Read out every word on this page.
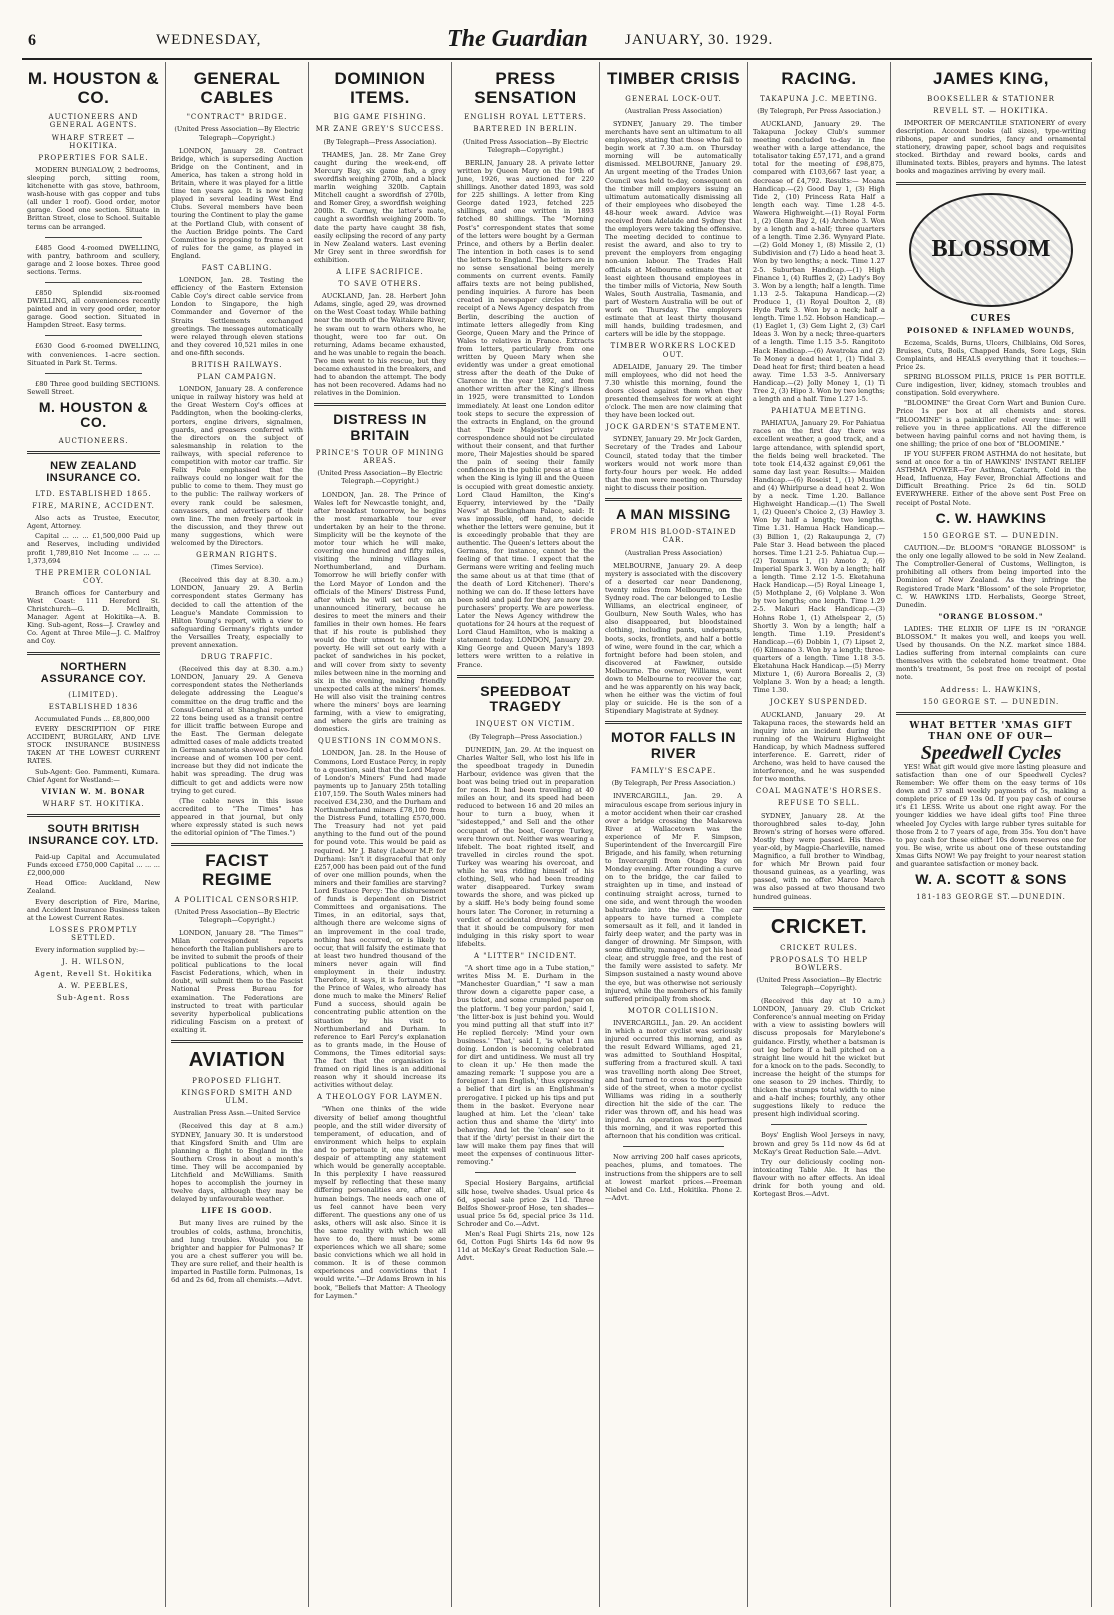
6	WEDNESDAY,	The Guardian JANUARY, 30. 1929.
M. HOUSTON & CO.
AUCTIONEERS AND GENERAL AGENTS.
WHARF STREET — HOKITIKA.
PROPERTIES FOR SALE.

MODERN BUNGALOW, 2 bedrooms, sleeping porch, sitting room, kitchenette with gas stove, bathroom, wash-house with gas copper and tubs (all under 1 roof). Good order, motor garage. Good one section. Situate in Brittan Street, close to School. Suitable terms can be arranged.

£485 Good 4-roomed DWELLING, with pantry, bathroom and scullery, garage and 2 loose boxes. Three good sections. Terms.

£850 Splendid six-roomed DWELLING, all conveniences recently painted and in very good order, motor garage. Good section. Situated in Hampden Street. Easy terms.

£630 Good 6-roomed DWELLING, with conveniences. 1-acre section. Situated in Park St. Terms.

£80 Three good building SECTIONS. Sewell Street.

M. HOUSTON & CO.
AUCTIONEERS.
NEW ZEALAND INSURANCE CO.
LTD. ESTABLISHED 1865.
FIRE, MARINE, ACCIDENT.

Also acts as Trustee, Executor, Agent, Attorney.

Capital ... ... ... £1,500,000 Paid up and Reserves, including undivided profit 1,789,810 Net Income ... ... ... 1,373,694

THE PREMIER COLONIAL COY.

Branch offices for Canterbury and West Coast: 111 Hereford St. Christchurch—G. D. McIlraith, Manager. Agent at Hokitika—A. B. King. Sub-agent, Ross—J. Crawley and Co. Agent at Three Mile—J. C. Malfroy and Coy.

NORTHERN ASSURANCE COY.
(LIMITED).
ESTABLISHED 1836

Accumulated Funds ... £8,800,000

EVERY DESCRIPTION OF FIRE ACCIDENT, BURGLARY, AND LIVE STOCK INSURANCE BUSINESS TAKEN AT THE LOWEST CURRENT RATES.

Sub-Agent: Geo. Pammenti, Kumara. Chief Agent for Westland:—

VIVIAN W. M. BONAR
WHARF ST. HOKITIKA.
SOUTH BRITISH INSURANCE COY. LTD.

Paid-up Capital and Accumulated Funds exceed £750,000 Capital ... ... ... £2,000,000

Head Office: Auckland, New Zealand.

Every description of Fire, Marine, and Accident Insurance Business taken at the Lowest Current Rates.

LOSSES PROMPTLY SETTLED.

Every information supplied by:—

J. H. WILSON,
Agent, Revell St. Hokitika
A. W. PEEBLES,
Sub-Agent. Ross
GENERAL CABLES
"CONTRACT" BRIDGE.
(United Press Association—By Electric Telegraph—Copyright.)

LONDON, January 28. Contract Bridge, which is superseding Auction Bridge on the Continent, and in America, has taken a strong hold in Britain, where it was played for a little time ten years ago. It is now being played in several leading West End Clubs. Several members have been touring the Continent to play the game at the Portland Club, with consent of the Auction Bridge points. The Card Committee is proposing to frame a set of rules for the game, as played in England.

FAST CABLING.

LONDON, Jan. 28. Testing the efficiency of the Eastern Extension Cable Coy's direct cable service from London to Singapore, the high Commander and Governor of the Straits Settlements exchanged greetings. The messages automatically were relayed through eleven stations and they covered 10,521 miles in one and one-fifth seconds.

BRITISH RAILWAYS.
PLAN CAMPAIGN.

LONDON, January 28. A conference unique in railway history was held at the Great Western Coy's offices at Paddington, when the booking-clerks, porters, engine drivers, signalmen, guards, and greasers conferred with the directors on the subject of salesmanship in relation to the railways, with special reference to competition with motor car traffic. Sir Felix Pole emphasised that the railways could no longer wait for the public to come to them. They must go to the public: The railway workers of every rank could be salesmen, canvassers, and advertisers of their own line. The men freely partook in the discussion, and they threw out many suggestions, which were welcomed by the Directors.

GERMAN RIGHTS.
(Times Service).

(Received this day at 8.30. a.m.) LONDON, January 29. A Berlin correspondent states Germany has decided to call the attention of the League's Mandate Commission to Hilton Young's report, with a view to safeguarding Germany's rights under the Versailles Treaty, especially to prevent annexation.

DRUG TRAFFIC.

(Received this day at 8.30. a.m.) LONDON, January 29. A Geneva correspondent states the Netherlands delegate addressing the League's committee on the drug traffic and the Consul-General at Shanghai reported 22 tons being used as a transit centre for illicit traffic between Europe and the East. The German delegate admitted cases of male addicts treated in German sanatoria showed a two-fold increase and of women 100 per cent. increase but they did not indicate the habit was spreading. The drug was difficult to get and addicts were now trying to get cured.

(The cable news in this issue accredited to "The Times" has appeared in that journal, but only where expressly stated is such news the editorial opinion of "The Times.")

FACIST REGIME
A POLITICAL CENSORSHIP.
(United Press Association—By Electric Telegraph—Copyright.)

LONDON, January 28. "The Times'" Milan correspondent reports henceforth the Italian publishers are to be invited to submit the proofs of their political publications to the local Fascist Federations, which, when in doubt, will submit them to the Fascist National Press Bureau for examination. The Federations are instructed to treat with particular severity hyperbolical publications ridiculing Fascism on a pretext of exalting it.

AVIATION
PROPOSED FLIGHT.
KINGSFORD SMITH AND ULM.
Australian Press Assn.—United Service

(Received this day at 8 a.m.) SYDNEY, January 30. It is understood that Kingsford Smith and Ulm are planning a flight to England in the Southern Cross in about a month's time. They will be accompanied by Litchfield and McWilliams. Smith hopes to accomplish the journey in twelve days, although they may be delayed by unfavourable weather.

LIFE IS GOOD.

But many lives are ruined by the troubles of colds, asthma, bronchitis, and lung troubles. Would you be brighter and happier for Pulmonas? If you are a chest sufferer you will be. They are sure relief, and their health is imparted in Pastille form. Pulmonas, 1s 6d and 2s 6d, from all chemists.—Advt.

DOMINION ITEMS.
BIG GAME FISHING.
MR ZANE GREY'S SUCCESS.
(By Telegraph—Press Association).

THAMES, Jan. 28. Mr Zane Grey caught during the week-end, off Mercury Bay, six game fish, a grey swordfish weighing 270lb, and a black marlin weighing 320lb. Captain Mitchell caught a swordfish of 270lb, and Romer Grey, a swordfish weighing 200lb. R. Carney, the latter's mate, caught a swordfish weighing 200lb. To date the party have caught 38 fish, easily eclipsing the record of any party in New Zealand waters. Last evening Mr Grey sent in three swordfish for exhibition.

A LIFE SACRIFICE.
TO SAVE OTHERS.

AUCKLAND, Jan. 28. Herbert John Adams, single, aged 29, was drowned on the West Coast today. While bathing near the mouth of the Waitakere River, he swam out to warn others who, he thought, were too far out. On returning, Adams became exhausted, and he was unable to regain the beach. Two men went to his rescue, but they became exhausted in the breakers, and had to abandon the attempt. The body has not been recovered. Adams had no relatives in the Dominion.

DISTRESS IN BRITAIN
PRINCE'S TOUR OF MINING AREAS.
(United Press Association—By Electric Telegraph.—Copyright.)

LONDON, Jan. 28. The Prince of Wales left for Newcastle tonight, and, after breakfast tomorrow, he begins the most remarkable tour ever undertaken by an heir to the throne. Simplicity will be the keynote of the motor tour which he will make, covering one hundred and fifty miles, visiting the mining villages in Northumberland, and Durham. Tomorrow he will briefly confer with the Lord Mayor of London and the officials of the Miners' Distress Fund, after which he will set out on an unannounced itinerary, because he desires to meet the miners and their families in their own homes. He fears that if his route is published they would do their utmost to hide their poverty. He will set out early with a packet of sandwiches in his pocket, and will cover from sixty to seventy miles between nine in the morning and six in the evening, making friendly unexpected calls at the miners' homes. He will also visit the training centres where the miners' boys are learning farming, with a view to emigrating, and where the girls are training as domestics.

QUESTIONS IN COMMONS.

LONDON, Jan. 28. In the House of Commons, Lord Eustace Percy, in reply to a question, said that the Lord Mayor of London's Miners' Fund had made payments up to January 25th totalling £107,159. The South Wales miners had received £34,230, and the Durham and Northumberland miners £78,100 from the Distress Fund, totalling £570,000. The Treasury had not yet paid anything to the fund out of the pound for pound vote. This would be paid as required. Mr J. Batey (Labour M.P. for Durham): Isn't it disgraceful that only £257,000 has been paid out of the fund of over one million pounds, when the miners and their families are starving? Lord Eustace Percy: The disbursement of funds is dependent on District Committees and organisations. The Times, in an editorial, says that, although there are welcome signs of an improvement in the coal trade, nothing has occurred, or is likely to occur, that will falsify the estimate that at least two hundred thousand of the miners never again will find employment in their industry. Therefore, it says, it is fortunate that the Prince of Wales, who already has done much to make the Miners' Relief Fund a success, should again be concentrating public attention on the situation by his visit to Northumberland and Durham. In reference to Earl Percy's explanation as to grants made, in the House of Commons, the Times editorial says: The fact that the organisation is framed on rigid lines is an additional reason why it should increase its activities without delay.

A THEOLOGY FOR LAYMEN.

"When one thinks of the wide diversity of belief among thoughtful people, and the still wider diversity of temperament, of education, and of environment which helps to explain and to perpetuate it, one might well despair of attempting any statement which would be generally acceptable. In this perplexity I have reassured myself by reflecting that these many differing personalities are, after all, human beings. The needs each one of us feel cannot have been very different. The questions any one of us asks, others will ask also. Since it is the same reality with which we all have to do, there must be some experiences which we all share; some basic convictions which we all hold in common. It is of these common experiences and convictions that I would write."—Dr Adams Brown in his book, "Beliefs that Matter: A Theology for Laymen."

PRESS SENSATION
ENGLISH ROYAL LETTERS.
BARTERED IN BERLIN.
(United Press Association—By Electric Telegraph—Copyright.)

BERLIN, January 28. A private letter written by Queen Mary on the 19th of June, 1926, was auctioned for 220 shillings. Another dated 1893, was sold for 225 shillings. A letter from King George dated 1923, fetched 225 shillings, and one written in 1893 fetched 80 shillings. The "Morning Post's" correspondent states that some of the letters were bought by a German Prince, and others by a Berlin dealer. The intention in both cases is to send the letters to England. The letters are in no sense sensational being merely comments on current events. Family affairs texts are not being published, pending inquiries. A furore has been created in newspaper circles by the receipt of a News Agency despatch from Berlin, describing the auction of intimate letters allegedly from King George, Queen Mary and the Prince of Wales to relatives in France. Extracts from letters, particularly from one written by Queen Mary when she evidently was under a great emotional stress after the death of the Duke of Clarence in the year 1892, and from another written after the King's illness in 1925, were transmitted to London immediately. At least one London editor took steps to secure the expression of the extracts in England, on the ground that Their Majesties' private correspondence should not be circulated without their consent, and that further more, Their Majesties should be spared the pain of seeing their family confidences in the public press at a time when the King is lying ill and the Queen is occupied with great domestic anxiety. Lord Claud Hamilton, the King's Equerry, interviewed by the "Daily News" at Buckingham Palace, said: It was impossible, off hand, to decide whether the letters were genuine, but it is exceedingly probable that they are authentic. The Queen's letters about the Germans, for instance, cannot be the feeling of that time. I expect that the Germans were writing and feeling much the same about us at that time (that of the death of Lord Kitchener). There's nothing we can do. If these letters have been sold and paid for they are now the purchasers' property. We are powerless. Later the News Agency withdrew the quotations for 24 hours at the request of Lord Claud Hamilton, who is making a statement today. LONDON, January 29. King George and Queen Mary's 1893 letters were written to a relative in France.

SPEEDBOAT TRAGEDY
INQUEST ON VICTIM.
(By Telegraph—Press Association.)

DUNEDIN, Jan. 29. At the inquest on Charles Walter Sell, who lost his life in the speedboat tragedy in Dunedin Harbour, evidence was given that the boat was being tried out in preparation for races. It had been travelling at 40 miles an hour, and its speed had been reduced to between 16 and 20 miles an hour to turn a buoy, when it "sidestepped," and Sell and the other occupant of the boat, George Turkey, were thrown out. Neither was wearing a lifebelt. The boat righted itself, and travelled in circles round the spot. Turkey was wearing his overcoat, and while he was ridding himself of his clothing, Sell, who had been treading water disappeared. Turkey swam towards the shore, and was picked up by a skiff. He's body being found some hours later. The Coroner, in returning a verdict of accidental drowning, stated that it should be compulsory for men indulging in this risky sport to wear lifebelts.

A "LITTER" INCIDENT.

"A short time ago in a Tube station," writes Miss M. E. Durham in the "Manchester Guardian," "I saw a man throw down a cigarette paper case, a bus ticket, and some crumpled paper on the platform. 'I beg your pardon,' said I, 'the litter-box is just behind you. Would you mind putting all that stuff into it?' He replied fiercely: 'Mind your own business.' 'That,' said I, 'is what I am doing. London is becoming celebrated for dirt and untidiness. We must all try to clean it up.' He then made the amazing remark: 'I suppose you are a foreigner. I am English,' thus expressing a belief that dirt is an Englishman's prerogative. I picked up his tips and put them in the basket. Everyone near laughed at him. Let the 'clean' take action thus and shame the 'dirty' into behaving. And let the 'clean' see to it that if the 'dirty' persist in their dirt the law will make them pay fines that will meet the expenses of continuous litter-removing."

Special Hosiery Bargains, artificial silk hose, twelve shades. Usual price 4s 6d, special sale price 2s 11d. Three Belfos Shower-proof Hose, ten shades—usual price 5s 6d, special price 3s 11d. Schroder and Co.—Advt.

Men's Real Fugi Shirts 21s, now 12s 6d, Cotton Fugi Shirts 14s 6d now 9s 11d at McKay's Great Reduction Sale.—Advt.

TIMBER CRISIS
GENERAL LOCK-OUT.
(Australian Press Association)

SYDNEY, January 29. The timber merchants have sent an ultimatum to all employees, stating that those who fail to begin work at 7.30 a.m. on Thursday morning will be automatically dismissed. MELBOURNE, January 29. An urgent meeting of the Trades Union Council was held to-day, consequent on the timber mill employers issuing an ultimatum automatically dismissing all of their employees who disobeyed the 48-hour week award. Advice was received from Adelaide and Sydney that the employers were taking the offensive. The meeting decided to continue to resist the award, and also to try to prevent the employers from engaging non-union labour. The Trades Hall officials at Melbourne estimate that at least eighteen thousand employees in the timber mills of Victoria, New South Wales, South Australia, Tasmania, and part of Western Australia will be out of work on Thursday. The employers estimate that at least thirty thousand mill hands, building tradesmen, and carters will be idle by the stoppage.

TIMBER WORKERS LOCKED OUT.

ADELAIDE, January 29. The timber mill employees, who did not heed the 7.30 whistle this morning, found the doors closed against them when they presented themselves for work at eight o'clock. The men are now claiming that they have been locked out.

JOCK GARDEN'S STATEMENT.

SYDNEY, January 29. Mr Jock Garden, Secretary of the Trades and Labour Council, stated today that the timber workers would not work more than forty-four hours per week. He added that the men were meeting on Thursday night to discuss their position.

A MAN MISSING
FROM HIS BLOOD-STAINED CAR.
(Australian Press Association)

MELBOURNE, January 29. A deep mystery is associated with the discovery of a deserted car near Dandenong, twenty miles from Melbourne, on the Sydney road. The car belonged to Leslie Williams, an electrical engineer, of Goulburn, New South Wales, who has also disappeared, but bloodstained clothing, including pants, underpants, boots, socks, frontlets, and half a bottle of wine, were found in the car, which a fortnight before had been stolen, and discovered at Fawkner, outside Melbourne. The owner, Williams, went down to Melbourne to recover the car, and he was apparently on his way back, when he either was the victim of foul play or suicide. He is the son of a Stipendiary Magistrate at Sydney.

MOTOR FALLS IN RIVER
FAMILY'S ESCAPE.
(By Telegraph, Per Press Association.)

INVERCARGILL, Jan. 29. A miraculous escape from serious injury in a motor accident when their car crashed over a bridge crossing the Makarewa River at Wallacetown was the experience of Mr F. Simpson, Superintendent of the Invercargill Fire Brigade, and his family, when returning to Invercargill from Otago Bay on Monday evening. After rounding a curve on to the bridge, the car failed to straighten up in time, and instead of continuing straight across, turned to one side, and went through the wooden balustrade into the river. The car appears to have turned a complete somersault as it fell, and it landed in fairly deep water, and the party was in danger of drowning. Mr Simpson, with some difficulty, managed to get his head clear, and struggle free, and the rest of the family were assisted to safety. Mr Simpson sustained a nasty wound above the eye, but was otherwise not seriously injured, while the members of his family suffered principally from shock.

MOTOR COLLISION.

INVERCARGILL, Jan. 29. An accident in which a motor cyclist was seriously injured occurred this morning, and as the result Edward Williams, aged 21, was admitted to Southland Hospital, suffering from a fractured skull. A taxi was travelling north along Dee Street, and had turned to cross to the opposite side of the street, when a motor cyclist Williams was riding in a southerly direction hit the side of the car. The rider was thrown off, and his head was injured. An operation was performed this morning, and it was reported this afternoon that his condition was critical.

Now arriving 200 half cases apricots, peaches, plums, and tomatoes. The instructions from the shippers are to sell at lowest market prices.—Freeman Niebel and Co. Ltd., Hokitika. Phone 2.—Advt.

RACING.
TAKAPUNA J.C. MEETING.
(By Telegraph, Per Press Association.)

AUCKLAND, January 29. The Takapuna Jockey Club's summer meeting concluded to-day in fine weather with a large attendance, the totalisator taking £57,171, and a grand total for the meeting of £98,875, compared with £103,667 last year, a decrease of £4,792. Results:— Moana Handicap.—(2) Good Day 1, (3) High Tide 2, (10) Princess Rata Half a length each way. Time 1.28 4-5. Wawera Highweight.—(1) Royal Form 1, (2) Glenn Bay 2, (4) Archeno 3. Won by a length and a-half; three quarters of a length. Time 2.36. Wynyard Plate.—(2) Gold Money 1, (8) Missile 2, (1) Subdivision and (7) Lido a head heat 3. Won by two lengths; a neck. Time 1.27 2-5. Suburban Handicap.—(1) High Finance 1, (4) Ruffles 2, (2) Lady's Boy 3. Won by a length; half a length. Time 1.13 2-5. Takapuna Handicap.—(2) Produce 1, (1) Royal Doulton 2, (8) Hyde Park 3. Won by a neck; half a length. Time 1.52. Hobson Handicap.—(1) Eaglet 1, (3) Gem Light 2, (3) Carl Ideas 3. Won by a neck; three-quarters of a length. Time 1.15 3-5. Rangitoto Hack Handicap.—(6) Awatroka and (2) Te Money a dead heat 1, (1) Tidal 3. Dead heat for first; third beaten a head away. Time 1.53 3-5. Anniversary Handicap.—(2) Jolly Money 1, (1) Ti Tree 2, (3) Hipo 3. Won by two lengths; a length and a half. Time 1.27 1-5.

PAHIATUA MEETING.

PAHIATUA, January 29. For Pahiatua races on the first day there was excellent weather, a good track, and a large attendance, with splendid sport, the fields being well bracketed. The tote took £14,432 against £9,061 the same day last year. Results:— Maiden Handicap.—(6) Roseist 1, (1) Mustine and (4) Whirlpurse a dead heat 2. Won by a neck. Time 1.20. Ballance Highweight Handicap.—(1) The Swell 1, (2) Queen's Choice 2, (3) Hawley 3. Won by half a length; two lengths. Time 1.31. Hamua Hack Handicap.—(3) Billion 1, (2) Rakaupunga 2, (7) Pale Star 3. Head between the placed horses. Time 1.21 2-5. Pahiatua Cup.—(2) Toxumus 1, (1) Amoto 2, (6) Imperial Spark 3. Won by a length; half a length. Time 2.12 1-5. Eketahuna Hack Handicap.—(5) Royal Lineage 1, (5) Mothplane 2, (6) Volplane 3. Won by two lengths; one length. Time 1.29 2-5. Makuri Hack Handicap.—(3) Hohns Robe 1, (1) Athelspear 2, (5) Shortly 3. Won by a length; half a length. Time 1.19. President's Handicap.—(6) Dobbin 1, (7) Lipset 2, (6) Kilmeano 3. Won by a length; three-quarters of a length. Time 1.18 3-5. Eketahuna Hack Handicap.—(5) Merry Mixture 1, (6) Aurora Borealis 2, (3) Volplane 3. Won by a head; a length. Time 1.30.

JOCKEY SUSPENDED.

AUCKLAND, January 29. At Takapuna races, the stewards held an inquiry into an incident during the running of the Wairuru Highweight Handicap, by which Madness suffered interference. E. Garrett, rider of Archeno, was held to have caused the interference, and he was suspended for two months.

COAL MAGNATE'S HORSES.
REFUSE TO SELL.

SYDNEY, January 28. At the thoroughbred sales to-day, John Brown's string of horses were offered. Mostly they were passed. His three-year-old, by Magpie-Charleville, named Magnifico, a full brother to Windbag, for which Mr Brown paid four thousand guineas, as a yearling, was passed, with no offer. Marco March was also passed at two thousand two hundred guineas.

CRICKET.
CRICKET RULES.
PROPOSALS TO HELP BOWLERS.
(United Press Association—By Electric Telegraph—Copyright).

(Received this day at 10 a.m.) LONDON, January 29. Club Cricket Conference's annual meeting on Friday with a view to assisting bowlers will discuss proposals for Marylebone's guidance. Firstly, whether a batsman is out leg before if a ball pitched on a straight line would hit the wicket but for a knock on to the pads. Secondly, to increase the height of the stumps for one season to 29 inches. Thirdly, to thicken the stumps total width to nine and a-half inches; fourthly, any other suggestions likely to reduce the present high individual scoring.

Boys' English Wool Jerseys in navy, brown and grey 5s 11d now 4s 6d at McKay's Great Reduction Sale.—Advt.

Try our deliciously cooling non-intoxicating Table Ale. It has the flavour with no after effects. An ideal drink for both young and old. Kortegast Bros.—Advt.

JAMES KING,
BOOKSELLER & STATIONER
REVELL ST. — HOKITIKA.

IMPORTER OF MERCANTILE STATIONERY of every description. Account books (all sizes), type-writing ribbons, paper and sundries, fancy and ornamental stationery, drawing paper, school bags and requisites stocked. Birthday and reward books, cards and illuminated texts. Bibles, prayers and hymns. The latest books and magazines arriving by every mail.

BLOSSOM
CURES
POISONED & INFLAMED WOUNDS,

Eczema, Scalds, Burns, Ulcers, Chilblains, Old Sores, Bruises, Cuts, Boils, Chapped Hands, Sore Legs, Skin Complaints, and HEALS everything that it touches:—Price 2s.

SPRING BLOSSOM PILLS, PRICE 1s PER BOTTLE. Cure indigestion, liver, kidney, stomach troubles and constipation. Sold everywhere.

"BLOOMINE" the Great Corn Wart and Bunion Cure. Price 1s per box at all chemists and stores. "BLOOMINE" is a painkiller relief every time: it will relieve you in three applications. All the difference between having painful corns and not having them, is one shilling; the price of one box of "BLOOMINE."

IF YOU SUFFER FROM ASTHMA do not hesitate, but send at once for a tin of HAWKINS' INSTANT RELIEF ASTHMA POWER—For Asthma, Catarrh, Cold in the Head, Influenza, Hay Fever, Bronchial Affections and Difficult Breathing. Price 2s 6d tin. SOLD EVERYWHERE. Either of the above sent Post Free on receipt of Postal Note.

C. W. HAWKINS
150 GEORGE ST. — DUNEDIN.

CAUTION.—Dr. BLOOM'S "ORANGE BLOSSOM" is the only one legally allowed to be sold in New Zealand. The Comptroller-General of Customs, Wellington, is prohibiting all others from being imported into the Dominion of New Zealand. As they infringe the Registered Trade Mark "Blossom" of the sole Proprietor, C. W. HAWKINS LTD. Herbalists, George Street, Dunedin.

"ORANGE BLOSSOM."

LADIES: THE ELIXIR OF LIFE IS IN "ORANGE BLOSSOM." It makes you well, and keeps you well. Used by thousands. On the N.Z. market since 1884. Ladies suffering from internal complaints can cure themselves with the celebrated home treatment. One month's treatment, 5s post free on receipt of postal note.

Address: L. HAWKINS,
150 GEORGE ST. — DUNEDIN.
WHAT BETTER 'XMAS GIFT THAN ONE OF OUR—
Speedwell Cycles

YES! What gift would give more lasting pleasure and satisfaction than one of our Speedwell Cycles? Remember: We offer them on the easy terms of 10s down and 37 small weekly payments of 5s, making a complete price of £9 13s 0d. If you pay cash of course it's £1 LESS. Write us about one right away. For the younger kiddies we have ideal gifts too! Fine three wheeled Joy Cycles with large rubber tyres suitable for those from 2 to 7 years of age, from 35s. You don't have to pay cash for these either! 10s down reserves one for you. Be wise, write us about one of these outstanding Xmas Gifts NOW! We pay freight to your nearest station and guarantee satisfaction or money back.

W. A. SCOTT & SONS
181-183 GEORGE ST.—DUNEDIN.
